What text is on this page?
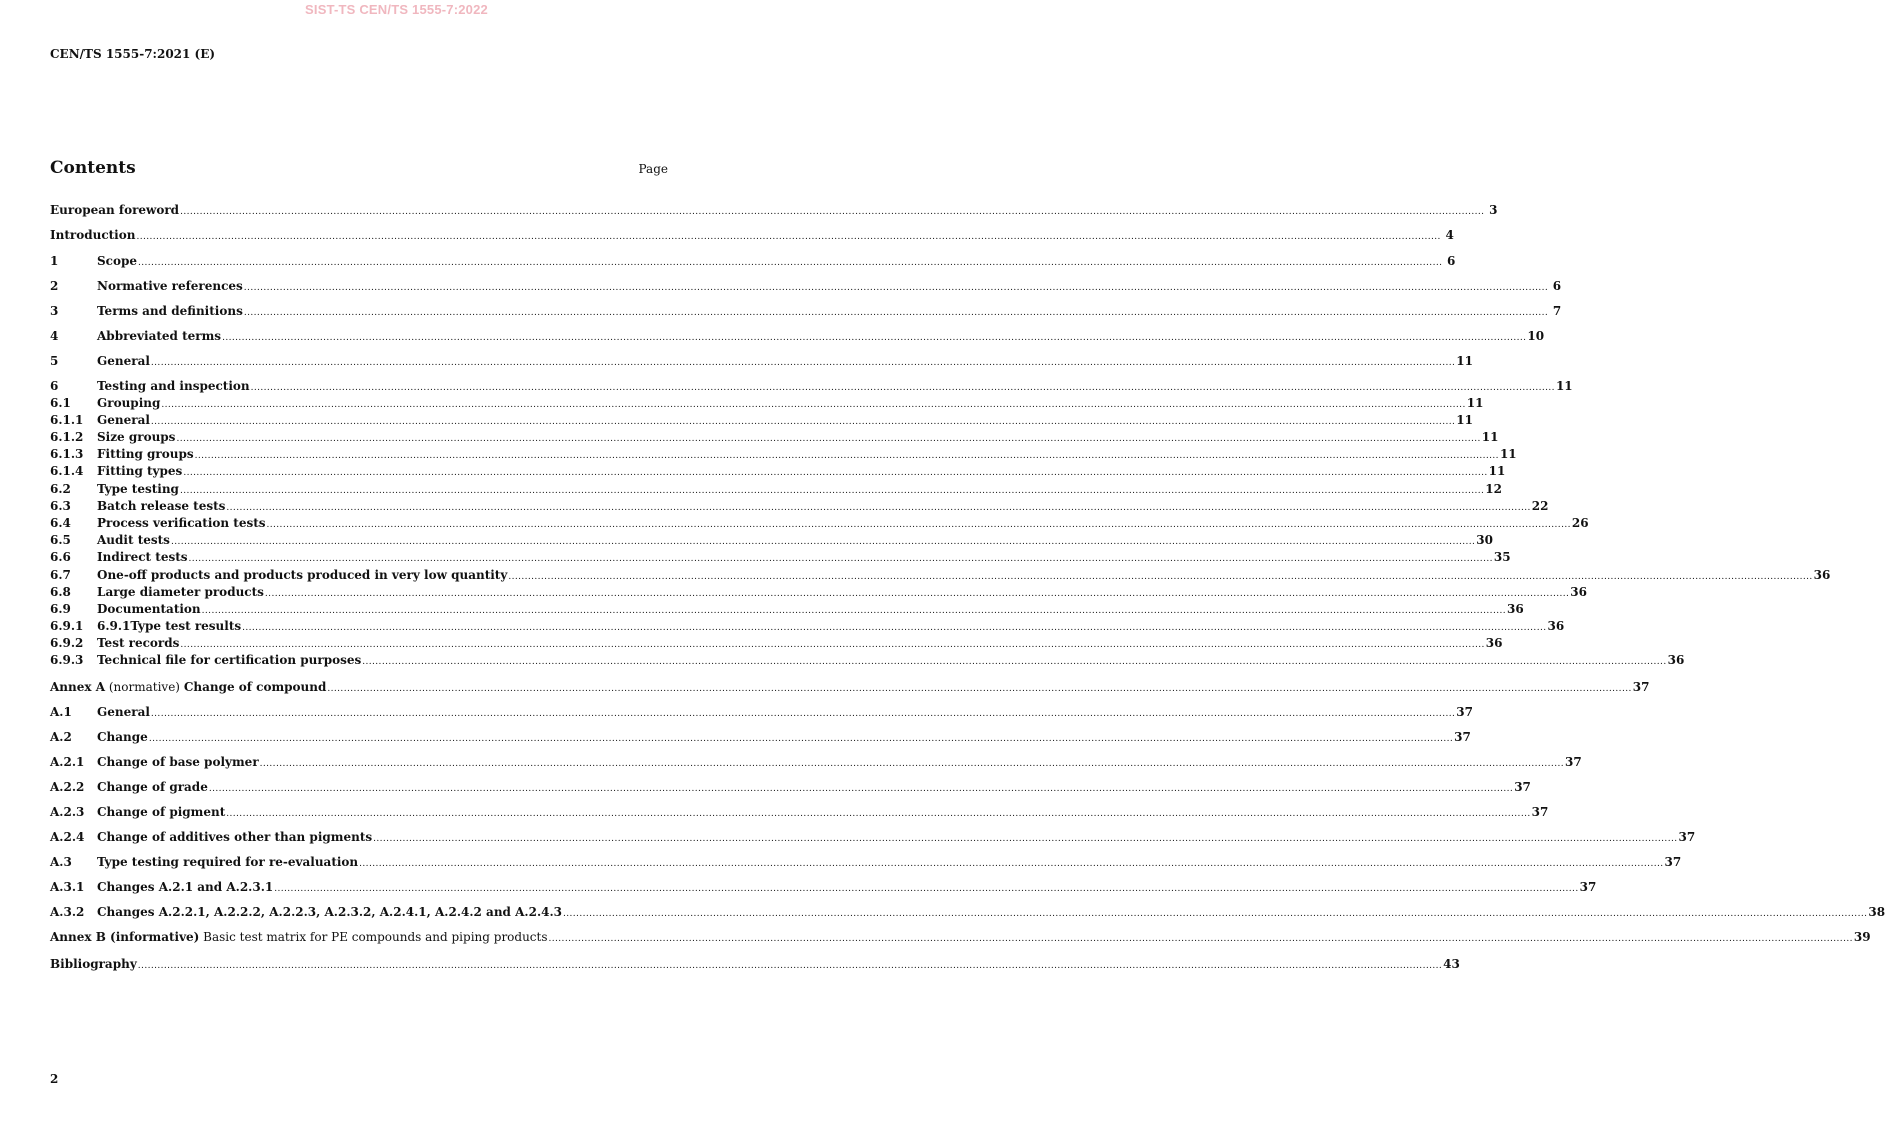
SIST-TS CEN/TS 1555-7:2022
CEN/TS 1555-7:2021 (E)
Contents	Page
European foreword ................................................................................................................................................................................................................................................................................................................................................................................................................ 3
Introduction ................................................................................................................................................................................................................................................................................................................................................................................................................ 4
1	Scope ................................................................................................................................................................................................................................................................................................................................................................................................................ 6
2	Normative references ................................................................................................................................................................................................................................................................................................................................................................................................................ 6
3	Terms and definitions ................................................................................................................................................................................................................................................................................................................................................................................................................ 7
4	Abbreviated terms ................................................................................................................................................................................................................................................................................................................................................................................................................ 10
5	General ................................................................................................................................................................................................................................................................................................................................................................................................................ 11
6	Testing and inspection ................................................................................................................................................................................................................................................................................................................................................................................................................ 11
6.1	Grouping ................................................................................................................................................................................................................................................................................................................................................................................................................ 11
6.1.1	General ................................................................................................................................................................................................................................................................................................................................................................................................................ 11
6.1.2	Size groups ................................................................................................................................................................................................................................................................................................................................................................................................................ 11
6.1.3	Fitting groups ................................................................................................................................................................................................................................................................................................................................................................................................................ 11
6.1.4	Fitting types ................................................................................................................................................................................................................................................................................................................................................................................................................ 11
6.2	Type testing ................................................................................................................................................................................................................................................................................................................................................................................................................ 12
6.3	Batch release tests ................................................................................................................................................................................................................................................................................................................................................................................................................ 22
6.4	Process verification tests ................................................................................................................................................................................................................................................................................................................................................................................................................ 26
6.5	Audit tests ................................................................................................................................................................................................................................................................................................................................................................................................................ 30
6.6	Indirect tests ................................................................................................................................................................................................................................................................................................................................................................................................................ 35
6.7	One-off products and products produced in very low quantity ................................................................................................................................................................................................................................................................................................................................................................................................................ 36
6.8	Large diameter products ................................................................................................................................................................................................................................................................................................................................................................................................................ 36
6.9	Documentation ................................................................................................................................................................................................................................................................................................................................................................................................................ 36
6.9.1	6.9.1Type test results ................................................................................................................................................................................................................................................................................................................................................................................................................ 36
6.9.2	Test records ................................................................................................................................................................................................................................................................................................................................................................................................................ 36
6.9.3	Technical file for certification purposes ................................................................................................................................................................................................................................................................................................................................................................................................................ 36
Annex A (normative) Change of compound ................................................................................................................................................................................................................................................................................................................................................................................................................ 37
A.1	General ................................................................................................................................................................................................................................................................................................................................................................................................................ 37
A.2	Change ................................................................................................................................................................................................................................................................................................................................................................................................................ 37
A.2.1	Change of base polymer ................................................................................................................................................................................................................................................................................................................................................................................................................ 37
A.2.2	Change of grade ................................................................................................................................................................................................................................................................................................................................................................................................................ 37
A.2.3	Change of pigment ................................................................................................................................................................................................................................................................................................................................................................................................................ 37
A.2.4	Change of additives other than pigments ................................................................................................................................................................................................................................................................................................................................................................................................................ 37
A.3	Type testing required for re-evaluation ................................................................................................................................................................................................................................................................................................................................................................................................................ 37
A.3.1	Changes A.2.1 and A.2.3.1 ................................................................................................................................................................................................................................................................................................................................................................................................................ 37
A.3.2	Changes A.2.2.1, A.2.2.2, A.2.2.3, A.2.3.2, A.2.4.1, A.2.4.2 and A.2.4.3 ................................................................................................................................................................................................................................................................................................................................................................................................................ 38
Annex B (informative) Basic test matrix for PE compounds and piping products ................................................................................................................................................................................................................................................................................................................................................................................................................ 39
Bibliography ................................................................................................................................................................................................................................................................................................................................................................................................................ 43
2
